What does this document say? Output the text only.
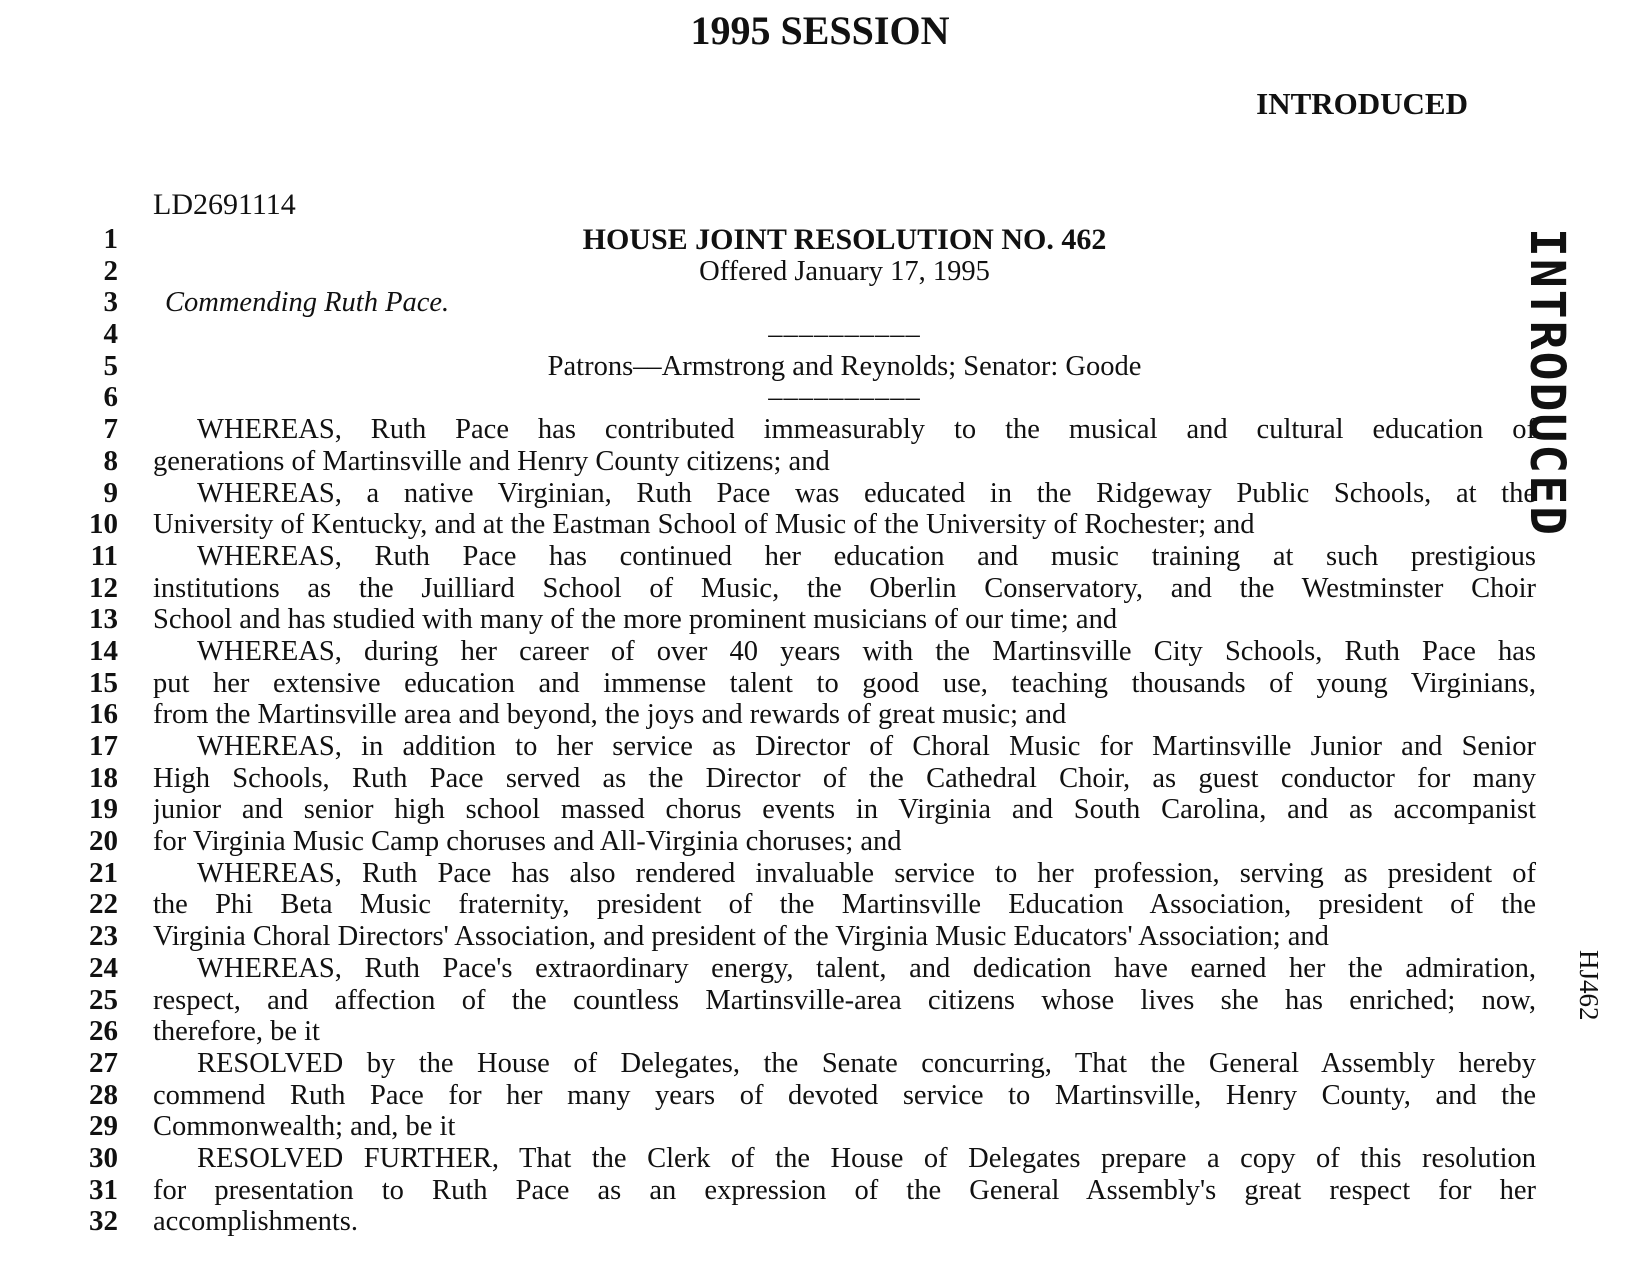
1995 SESSION
INTRODUCED
LD2691114
1	HOUSE JOINT RESOLUTION NO. 462
2	Offered January 17, 1995
3 Commending Ruth Pace.
4	––––––––––
5	Patrons––Armstrong and Reynolds; Senator: Goode
6	––––––––––
7	WHEREAS, Ruth Pace has contributed immeasurably to the musical and cultural education of
8 generations of Martinsville and Henry County citizens; and
9	WHEREAS, a native Virginian, Ruth Pace was educated in the Ridgeway Public Schools, at the
10 University of Kentucky, and at the Eastman School of Music of the University of Rochester; and
11	WHEREAS, Ruth Pace has continued her education and music training at such prestigious
12 institutions as the Juilliard School of Music, the Oberlin Conservatory, and the Westminster Choir
13 School and has studied with many of the more prominent musicians of our time; and
14	WHEREAS, during her career of over 40 years with the Martinsville City Schools, Ruth Pace has
15 put her extensive education and immense talent to good use, teaching thousands of young Virginians,
16 from the Martinsville area and beyond, the joys and rewards of great music; and
17	WHEREAS, in addition to her service as Director of Choral Music for Martinsville Junior and Senior
18 High Schools, Ruth Pace served as the Director of the Cathedral Choir, as guest conductor for many
19 junior and senior high school massed chorus events in Virginia and South Carolina, and as accompanist
20 for Virginia Music Camp choruses and All-Virginia choruses; and
21	WHEREAS, Ruth Pace has also rendered invaluable service to her profession, serving as president of
22 the Phi Beta Music fraternity, president of the Martinsville Education Association, president of the
23 Virginia Choral Directors' Association, and president of the Virginia Music Educators' Association; and
24	WHEREAS, Ruth Pace's extraordinary energy, talent, and dedication have earned her the admiration,
25 respect, and affection of the countless Martinsville-area citizens whose lives she has enriched; now,
26 therefore, be it
27	RESOLVED by the House of Delegates, the Senate concurring, That the General Assembly hereby
28 commend Ruth Pace for her many years of devoted service to Martinsville, Henry County, and the
29 Commonwealth; and, be it
30	RESOLVED FURTHER, That the Clerk of the House of Delegates prepare a copy of this resolution
31 for presentation to Ruth Pace as an expression of the General Assembly's great respect for her
32 accomplishments.
INTRODUCED
HJ462
